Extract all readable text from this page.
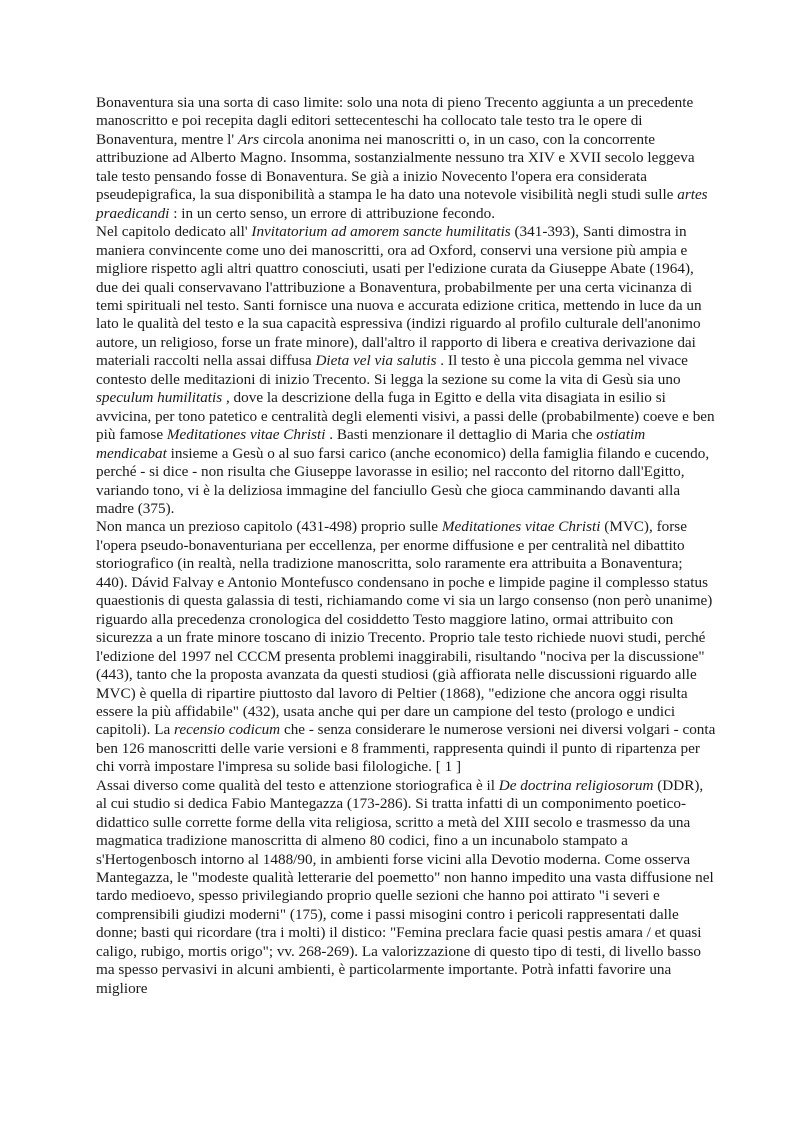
Bonaventura sia una sorta di caso limite: solo una nota di pieno Trecento aggiunta a un precedente manoscritto e poi recepita dagli editori settecenteschi ha collocato tale testo tra le opere di Bonaventura, mentre l' Ars circola anonima nei manoscritti o, in un caso, con la concorrente attribuzione ad Alberto Magno. Insomma, sostanzialmente nessuno tra XIV e XVII secolo leggeva tale testo pensando fosse di Bonaventura. Se già a inizio Novecento l'opera era considerata pseudepigrafica, la sua disponibilità a stampa le ha dato una notevole visibilità negli studi sulle artes praedicandi : in un certo senso, un errore di attribuzione fecondo.

Nel capitolo dedicato all' Invitatorium ad amorem sancte humilitatis (341-393), Santi dimostra in maniera convincente come uno dei manoscritti, ora ad Oxford, conservi una versione più ampia e migliore rispetto agli altri quattro conosciuti, usati per l'edizione curata da Giuseppe Abate (1964), due dei quali conservavano l'attribuzione a Bonaventura, probabilmente per una certa vicinanza di temi spirituali nel testo. Santi fornisce una nuova e accurata edizione critica, mettendo in luce da un lato le qualità del testo e la sua capacità espressiva (indizi riguardo al profilo culturale dell'anonimo autore, un religioso, forse un frate minore), dall'altro il rapporto di libera e creativa derivazione dai materiali raccolti nella assai diffusa Dieta vel via salutis . Il testo è una piccola gemma nel vivace contesto delle meditazioni di inizio Trecento. Si legga la sezione su come la vita di Gesù sia uno speculum humilitatis , dove la descrizione della fuga in Egitto e della vita disagiata in esilio si avvicina, per tono patetico e centralità degli elementi visivi, a passi delle (probabilmente) coeve e ben più famose Meditationes vitae Christi . Basti menzionare il dettaglio di Maria che ostiatim mendicabat insieme a Gesù o al suo farsi carico (anche economico) della famiglia filando e cucendo, perché - si dice - non risulta che Giuseppe lavorasse in esilio; nel racconto del ritorno dall'Egitto, variando tono, vi è la deliziosa immagine del fanciullo Gesù che gioca camminando davanti alla madre (375).

Non manca un prezioso capitolo (431-498) proprio sulle Meditationes vitae Christi (MVC), forse l'opera pseudo-bonaventuriana per eccellenza, per enorme diffusione e per centralità nel dibattito storiografico (in realtà, nella tradizione manoscritta, solo raramente era attribuita a Bonaventura; 440). Dávid Falvay e Antonio Montefusco condensano in poche e limpide pagine il complesso status quaestionis di questa galassia di testi, richiamando come vi sia un largo consenso (non però unanime) riguardo alla precedenza cronologica del cosiddetto Testo maggiore latino, ormai attribuito con sicurezza a un frate minore toscano di inizio Trecento. Proprio tale testo richiede nuovi studi, perché l'edizione del 1997 nel CCCM presenta problemi inaggirabili, risultando "nociva per la discussione" (443), tanto che la proposta avanzata da questi studiosi (già affiorata nelle discussioni riguardo alle MVC) è quella di ripartire piuttosto dal lavoro di Peltier (1868), "edizione che ancora oggi risulta essere la più affidabile" (432), usata anche qui per dare un campione del testo (prologo e undici capitoli). La recensio codicum che - senza considerare le numerose versioni nei diversi volgari - conta ben 126 manoscritti delle varie versioni e 8 frammenti, rappresenta quindi il punto di ripartenza per chi vorrà impostare l'impresa su solide basi filologiche. [ 1 ]

Assai diverso come qualità del testo e attenzione storiografica è il De doctrina religiosorum (DDR), al cui studio si dedica Fabio Mantegazza (173-286). Si tratta infatti di un componimento poetico-didattico sulle corrette forme della vita religiosa, scritto a metà del XIII secolo e trasmesso da una magmatica tradizione manoscritta di almeno 80 codici, fino a un incunabolo stampato a s'Hertogenbosch intorno al 1488/90, in ambienti forse vicini alla Devotio moderna. Come osserva Mantegazza, le "modeste qualità letterarie del poemetto" non hanno impedito una vasta diffusione nel tardo medioevo, spesso privilegiando proprio quelle sezioni che hanno poi attirato "i severi e comprensibili giudizi moderni" (175), come i passi misogini contro i pericoli rappresentati dalle donne; basti qui ricordare (tra i molti) il distico: "Femina preclara facie quasi pestis amara / et quasi caligo, rubigo, mortis origo"; vv. 268-269). La valorizzazione di questo tipo di testi, di livello basso ma spesso pervasivi in alcuni ambienti, è particolarmente importante. Potrà infatti favorire una migliore
